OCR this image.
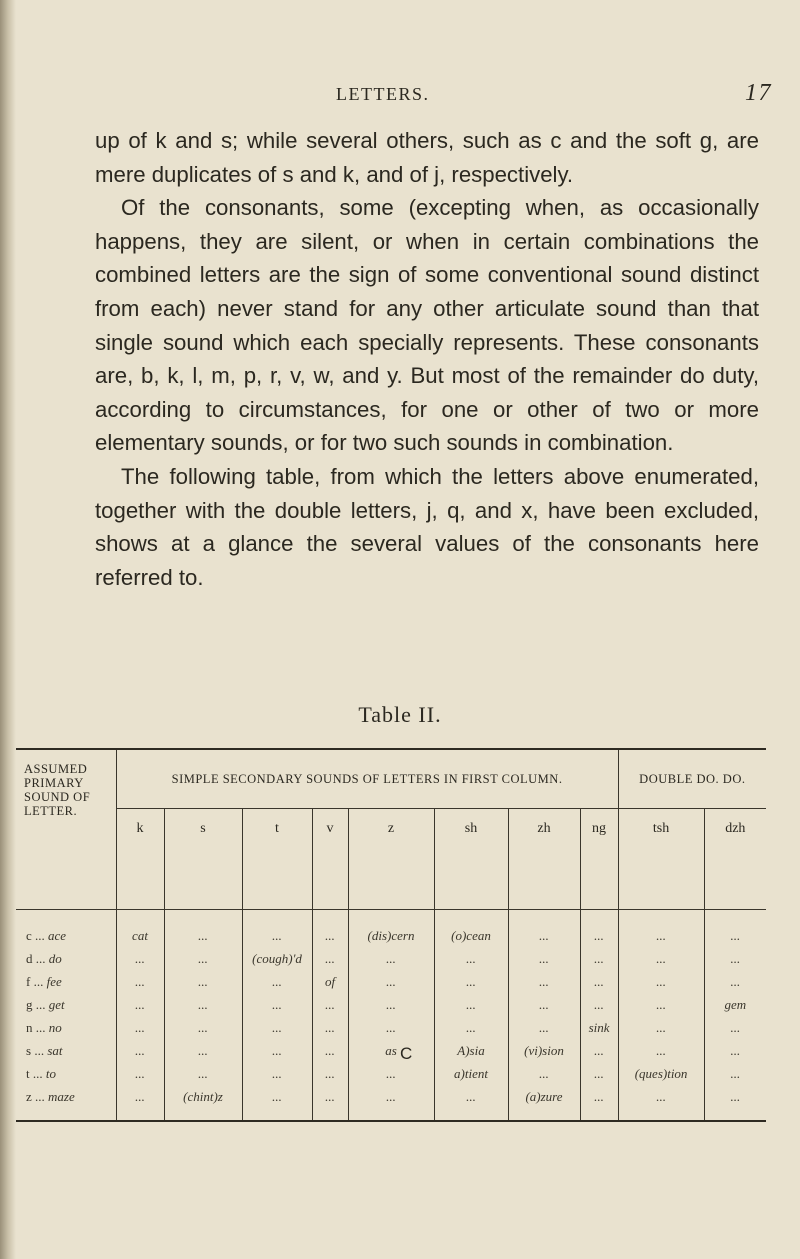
LETTERS.	17

up of k and s; while several others, such as c and the soft g, are mere duplicates of s and k, and of j, respectively.

Of the consonants, some (excepting when, as occasionally happens, they are silent, or when in certain combinations the combined letters are the sign of some conventional sound distinct from each) never stand for any other articulate sound than that single sound which each specially represents. These consonants are, b, k, l, m, p, r, v, w, and y. But most of the remainder do duty, according to circumstances, for one or other of two or more elementary sounds, or for two such sounds in combination.

The following table, from which the letters above enumerated, together with the double letters, j, q, and x, have been excluded, shows at a glance the several values of the consonants here referred to.

Table II.
ASSUMED PRIMARY SOUND OF LETTER.	SIMPLE SECONDARY SOUNDS OF LETTERS IN FIRST COLUMN.								DOUBLE DO. DO.	
	k	s	t	v	z	sh	zh	ng	tsh	dzh
c ... ace	cat	...	...	...	(dis)cern	(o)cean	...	...	...	...
d ... do	...	...	(cough)'d	...	...	...	...	...	...	...
f ... fee	...	...	...	of	...	...	...	...	...	...
g ... get	...	...	...	...	...	...	...	...	...	gem
n ... no	...	...	...	...	...	...	...	sink	...	...
s ... sat	...	...	...	...	as	A)sia	(vi)sion	...	...	...
t ... to	...	...	...	...	...	a)tient	...	...	(ques)tion	...
z ... maze	...	(chint)z	...	...	...	...	(a)zure	...	...	...
C
